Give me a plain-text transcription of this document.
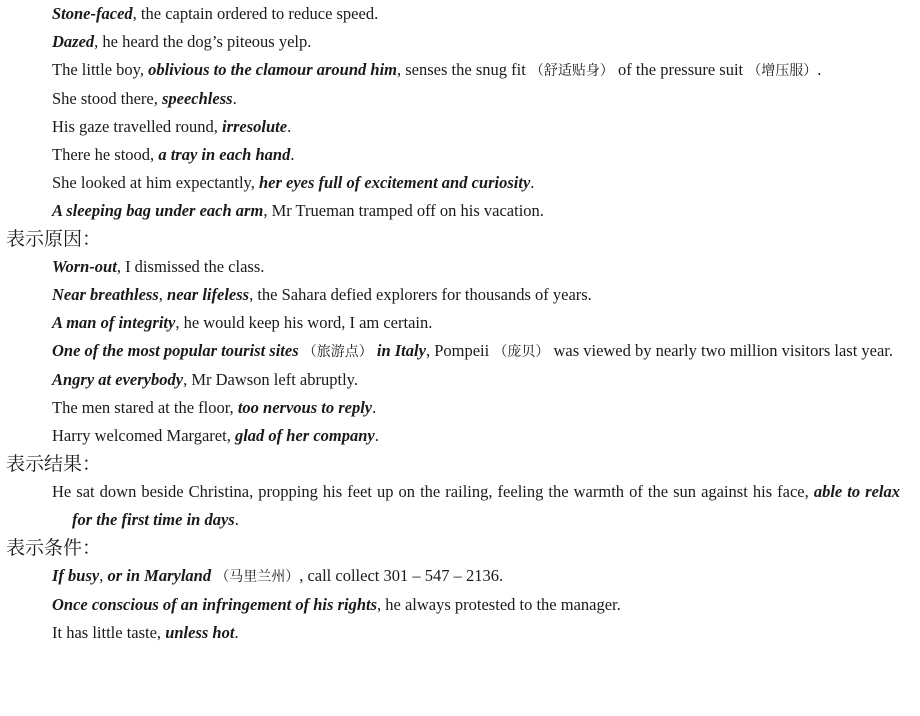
Stone-faced, the captain ordered to reduce speed.

Dazed, he heard the dog’s piteous yelp.

The little boy, oblivious to the clamour around him, senses the snug fit （舒适贴身） of the pressure suit （增压服）.

She stood there, speechless.

His gaze travelled round, irresolute.

There he stood, a tray in each hand.

She looked at him expectantly, her eyes full of excitement and curiosity.

A sleeping bag under each arm, Mr Trueman tramped off on his vacation.

表示原因：

Worn-out, I dismissed the class.

Near breathless, near lifeless, the Sahara defied explorers for thousands of years.

A man of integrity, he would keep his word, I am certain.

One of the most popular tourist sites （旅游点） in Italy, Pompeii （庞贝） was viewed by nearly two million visitors last year.

Angry at everybody, Mr Dawson left abruptly.

The men stared at the floor, too nervous to reply.

Harry welcomed Margaret, glad of her company.

表示结果：

He sat down beside Christina, propping his feet up on the railing, feeling the warmth of the sun against his face, able to relax for the first time in days.

表示条件：

If busy, or in Maryland （马里兰州）, call collect 301 – 547 – 2136.

Once conscious of an infringement of his rights, he always protested to the manager.

It has little taste, unless hot.
